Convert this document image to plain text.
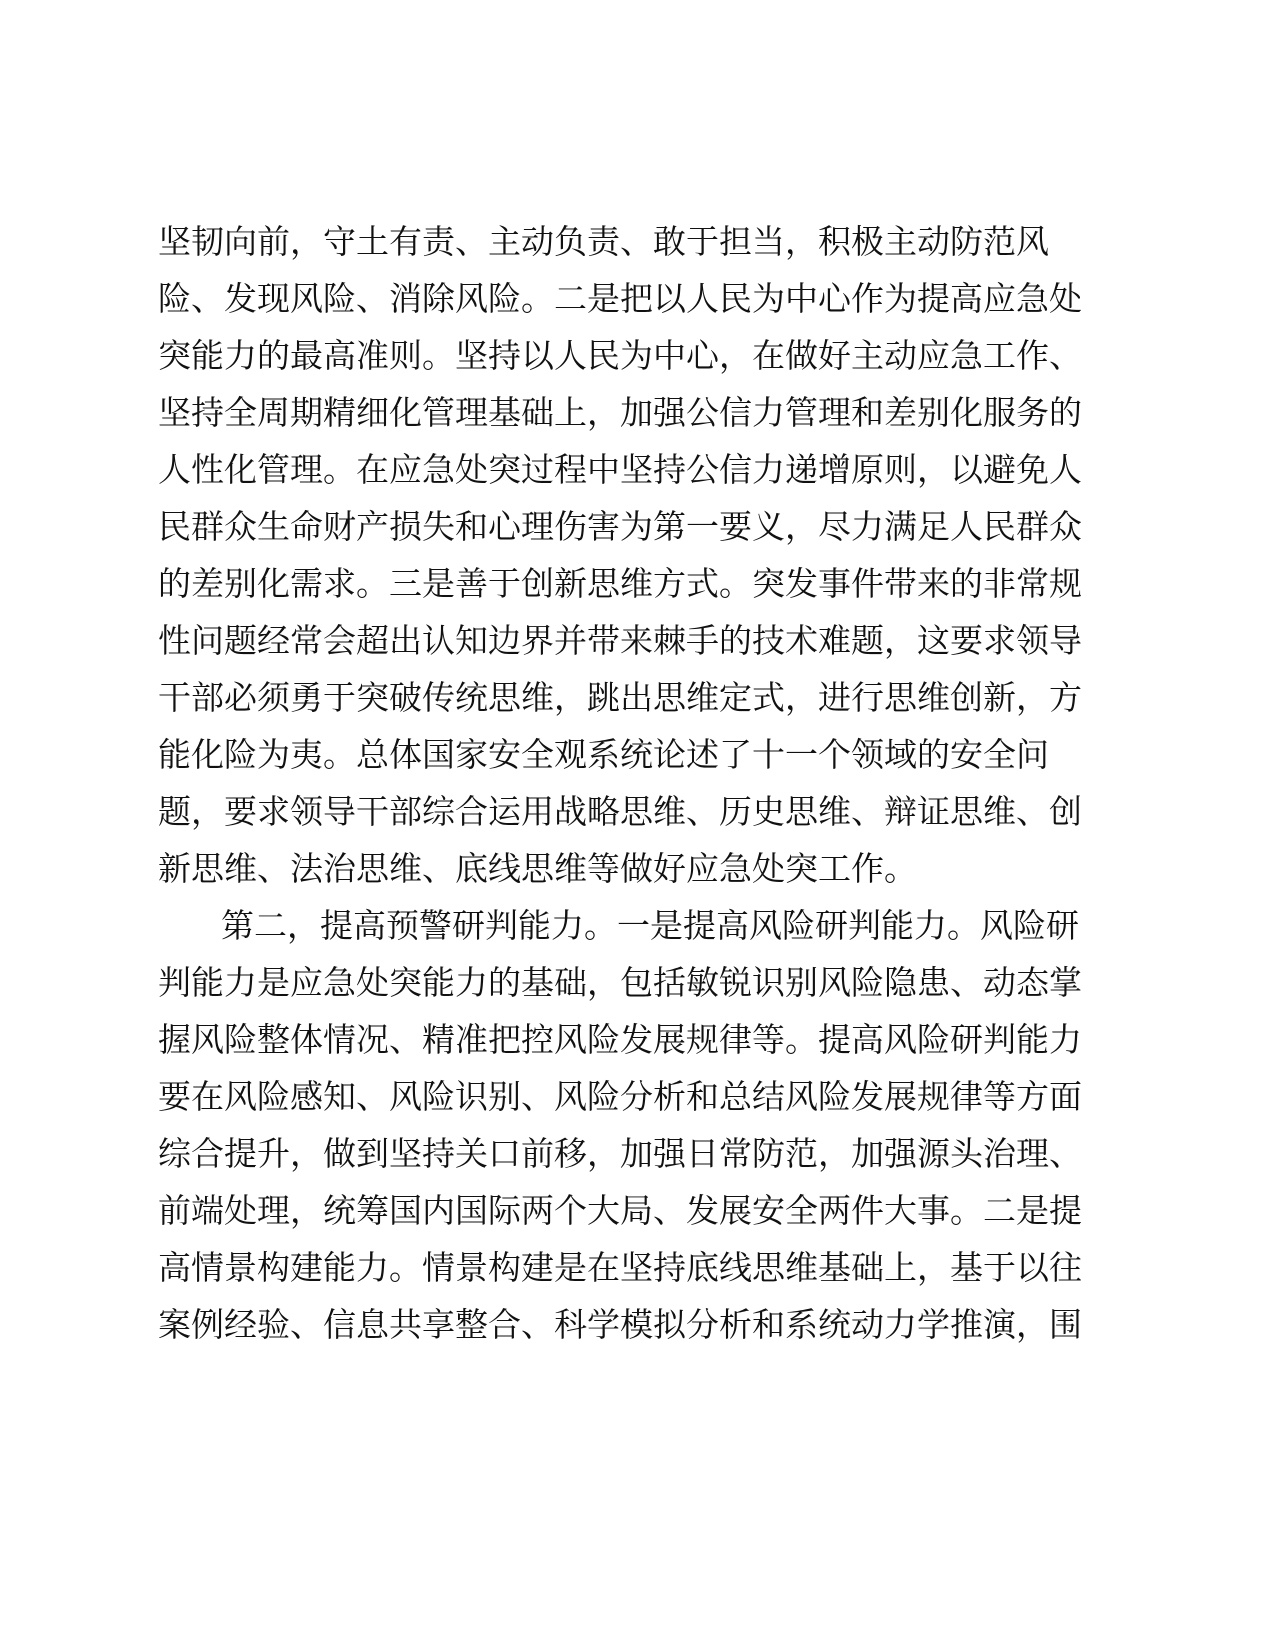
坚韧向前，守土有责、主动负责、敢于担当，积极主动防范风
险、发现风险、消除风险。二是把以人民为中心作为提高应急处
突能力的最高准则。坚持以人民为中心，在做好主动应急工作、
坚持全周期精细化管理基础上，加强公信力管理和差别化服务的
人性化管理。在应急处突过程中坚持公信力递增原则，以避免人
民群众生命财产损失和心理伤害为第一要义，尽力满足人民群众
的差别化需求。三是善于创新思维方式。突发事件带来的非常规
性问题经常会超出认知边界并带来棘手的技术难题，这要求领导
干部必须勇于突破传统思维，跳出思维定式，进行思维创新，方
能化险为夷。总体国家安全观系统论述了十一个领域的安全问
题，要求领导干部综合运用战略思维、历史思维、辩证思维、创
新思维、法治思维、底线思维等做好应急处突工作。
第二，提高预警研判能力。一是提高风险研判能力。风险研
判能力是应急处突能力的基础，包括敏锐识别风险隐患、动态掌
握风险整体情况、精准把控风险发展规律等。提高风险研判能力
要在风险感知、风险识别、风险分析和总结风险发展规律等方面
综合提升，做到坚持关口前移，加强日常防范，加强源头治理、
前端处理，统筹国内国际两个大局、发展安全两件大事。二是提
高情景构建能力。情景构建是在坚持底线思维基础上，基于以往
案例经验、信息共享整合、科学模拟分析和系统动力学推演，围
